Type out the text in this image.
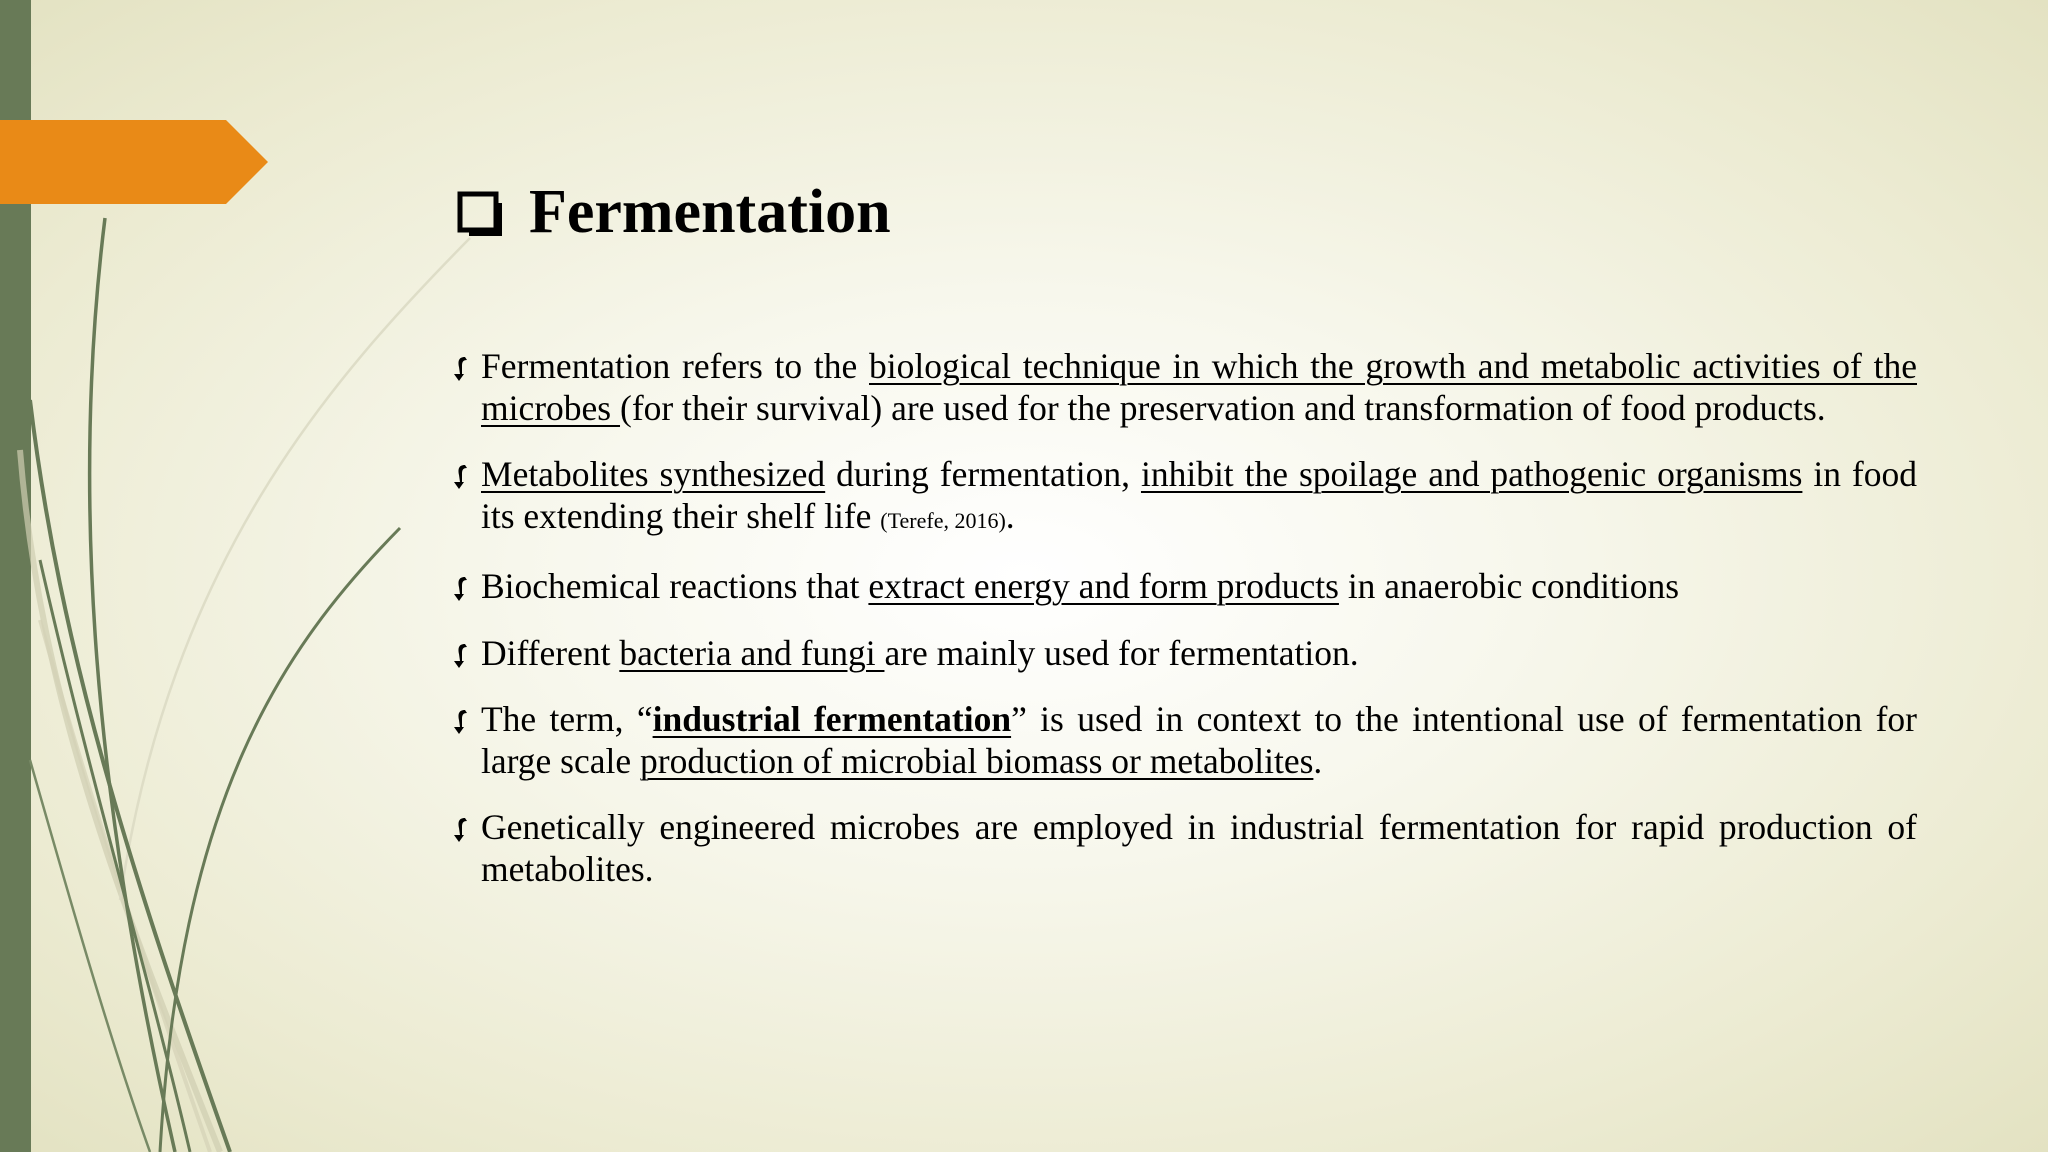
Fermentation
Fermentation refers to the biological technique in which the growth and metabolic activities of the microbes (for their survival) are used for the preservation and transformation of food products.
Metabolites synthesized during fermentation, inhibit the spoilage and pathogenic organisms in food its extending their shelf life (Terefe, 2016).
Biochemical reactions that extract energy and form products in anaerobic conditions
Different bacteria and fungi are mainly used for fermentation.
The term, “industrial fermentation” is used in context to the intentional use of fermentation for large scale production of microbial biomass or metabolites.
Genetically engineered microbes are employed in industrial fermentation for rapid production of metabolites.
